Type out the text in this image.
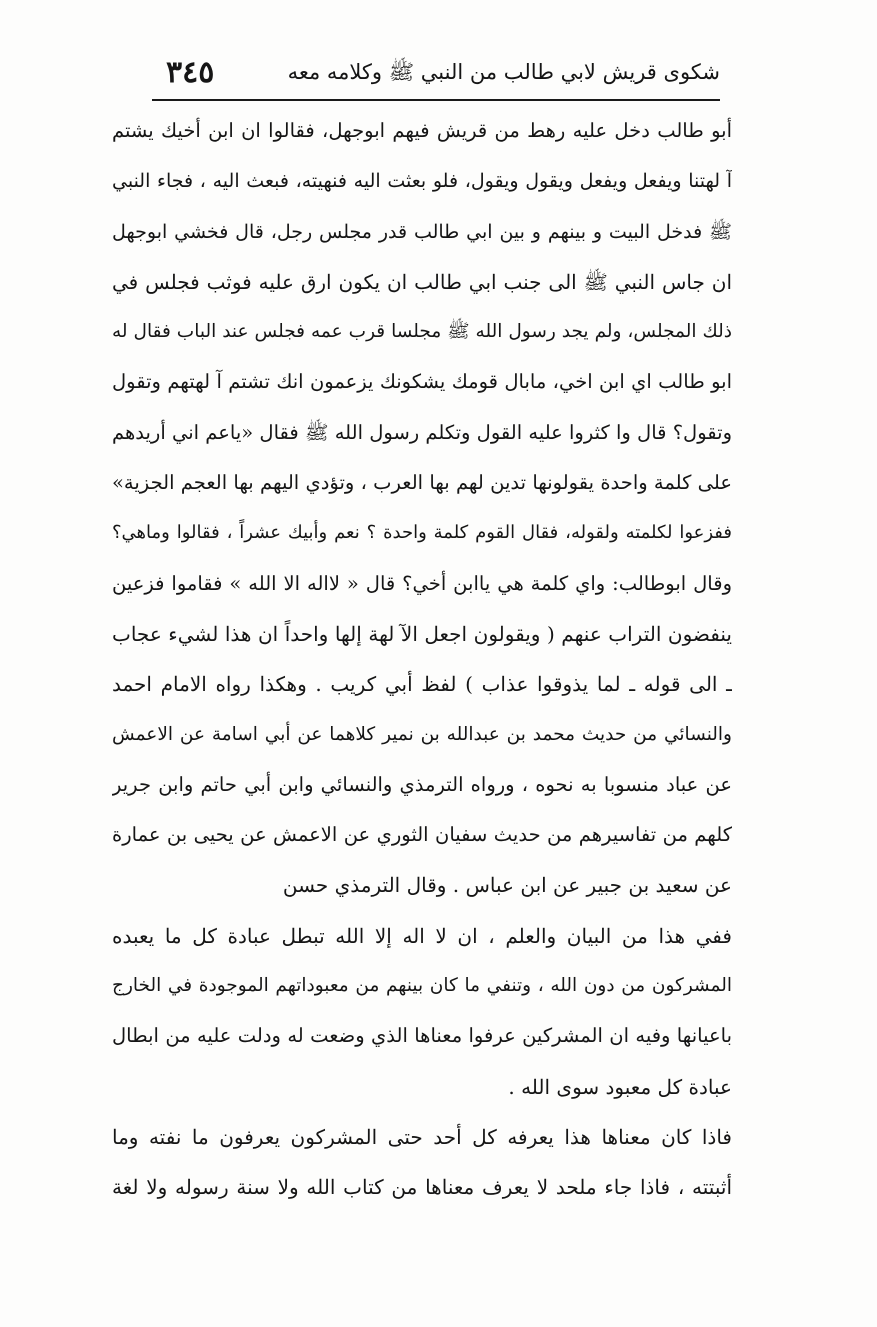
شكوى قريش لابي طالب من النبي ﷺ وكلامه معه
٣٤٥
أبو طالب دخل عليه رهط من قريش فيهم ابوجهل، فقالوا ان ابن أخيك يشتم
آ لهتنا ويفعل ويفعل ويقول ويقول، فلو بعثت اليه فنهيته، فبعث اليه ، فجاء النبي
ﷺ فدخل البيت و بينهم و بين ابي طالب قدر مجلس رجل، قال فخشي ابوجهل
ان جاس النبي ﷺ الى جنب ابي طالب ان يكون ارق عليه فوثب فجلس في
ذلك المجلس، ولم يجد رسول الله ﷺ مجلسا قرب عمه فجلس عند الباب فقال له
ابو طالب اي ابن اخي، مابال قومك يشكونك يزعمون انك تشتم آ لهتهم وتقول
وتقول؟ قال وا كثروا عليه القول وتكلم رسول الله ﷺ فقال «ياعم اني أريدهم
على كلمة واحدة يقولونها تدين لهم بها العرب ، وتؤدي اليهم بها العجم الجزية»
ففزعوا لكلمته ولقوله، فقال القوم كلمة واحدة ؟ نعم وأبيك عشراً ، فقالوا وماهي؟
وقال ابوطالب: واي كلمة هي ياابن أخي؟ قال « لااله الا الله » فقاموا فزعين
ينفضون التراب عنهم ( ويقولون اجعل الآ لهة إلها واحداً ان هذا لشيء عجاب
ـ الى قوله ـ لما يذوقوا عذاب ) لفظ أبي كريب . وهكذا رواه الامام احمد
والنسائي من حديث محمد بن عبدالله بن نمير كلاهما عن أبي اسامة عن الاعمش
عن عباد منسوبا به نحوه ، ورواه الترمذي والنسائي وابن أبي حاتم وابن جرير
كلهم من تفاسيرهم من حديث سفيان الثوري عن الاعمش عن يحيى بن عمارة
عن سعيد بن جبير عن ابن عباس . وقال الترمذي حسن
ففي هذا من البيان والعلم ، ان لا اله إلا الله تبطل عبادة كل ما يعبده
المشركون من دون الله ، وتنفي ما كان بينهم من معبوداتهم الموجودة في الخارج
باعيانها وفيه ان المشركين عرفوا معناها الذي وضعت له ودلت عليه من ابطال
عبادة كل معبود سوى الله .
فاذا كان معناها هذا يعرفه كل أحد حتى المشركون يعرفون ما نفته وما
أثبتته ، فاذا جاء ملحد لا يعرف معناها من كتاب الله ولا سنة رسوله ولا لغة
